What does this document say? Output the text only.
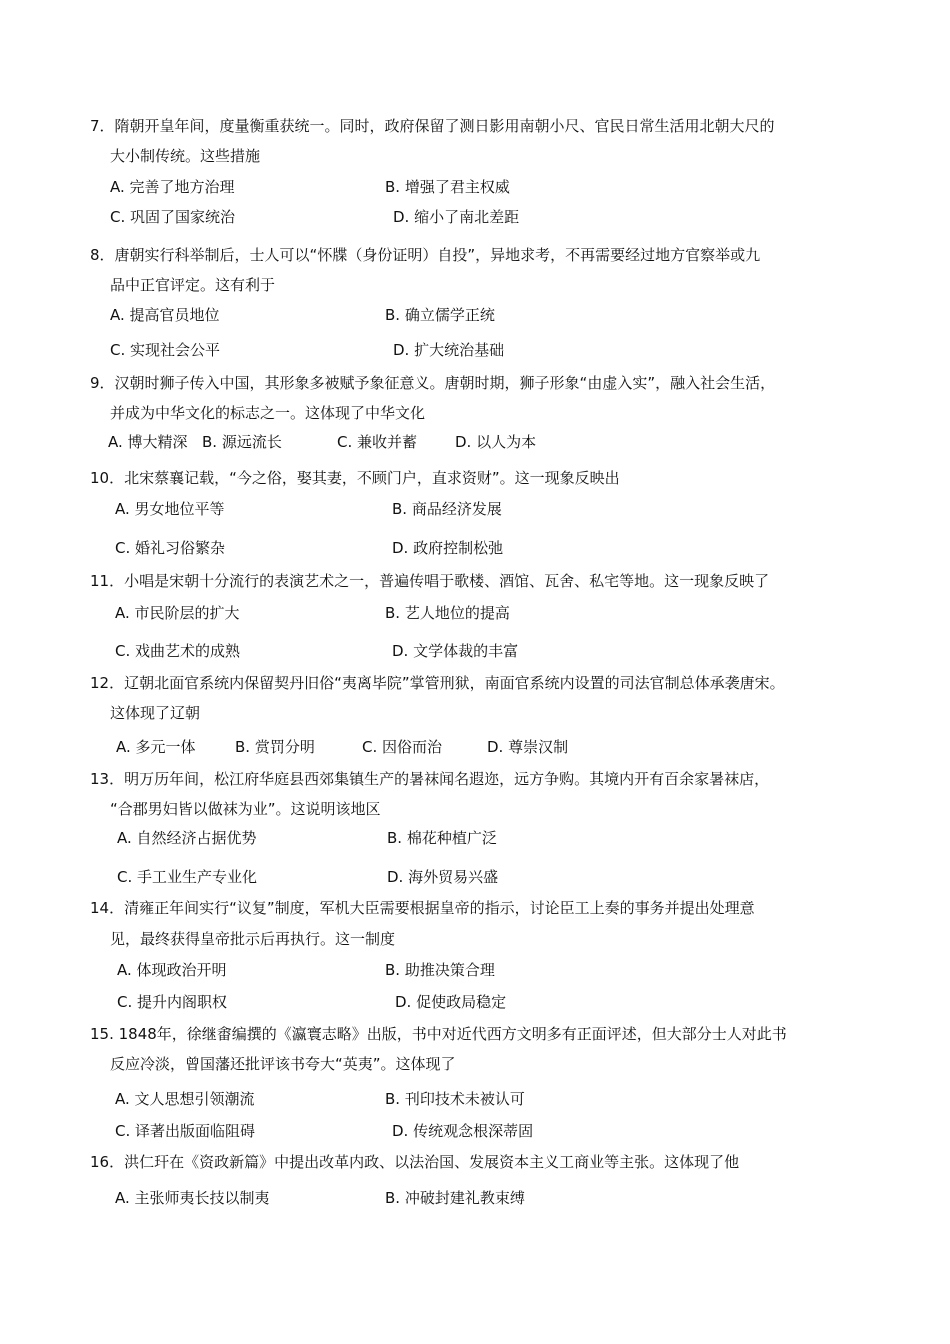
7．隋朝开皇年间，度量衡重获统一。同时，政府保留了测日影用南朝小尺、官民日常生活用北朝大尺的
大小制传统。这些措施
A. 完善了地方治理	B. 增强了君主权威
C. 巩固了国家统治	D. 缩小了南北差距
8．唐朝实行科举制后，士人可以“怀牒（身份证明）自投”，异地求考，不再需要经过地方官察举或九
品中正官评定。这有利于
A. 提高官员地位	B. 确立儒学正统
C. 实现社会公平	D. 扩大统治基础
9．汉朝时狮子传入中国，其形象多被赋予象征意义。唐朝时期，狮子形象“由虚入实”，融入社会生活，
并成为中华文化的标志之一。这体现了中华文化
A. 博大精深 B. 源远流长	C. 兼收并蓄	D. 以人为本
10．北宋蔡襄记载，“今之俗，娶其妻，不顾门户，直求资财”。这一现象反映出
A. 男女地位平等	B. 商品经济发展
C. 婚礼习俗繁杂	D. 政府控制松弛
11．小唱是宋朝十分流行的表演艺术之一，普遍传唱于歌楼、酒馆、瓦舍、私宅等地。这一现象反映了
A. 市民阶层的扩大	B. 艺人地位的提高
C. 戏曲艺术的成熟	D. 文学体裁的丰富
12．辽朝北面官系统内保留契丹旧俗“夷离毕院”掌管刑狱，南面官系统内设置的司法官制总体承袭唐宋。
这体现了辽朝
A. 多元一体	B. 赏罚分明	C. 因俗而治	D. 尊崇汉制
13．明万历年间，松江府华庭县西郊集镇生产的暑袜闻名遐迩，远方争购。其境内开有百余家暑袜店，
“合郡男妇皆以做袜为业”。这说明该地区
A. 自然经济占据优势	B. 棉花种植广泛
C. 手工业生产专业化	D. 海外贸易兴盛
14．清雍正年间实行“议复”制度，军机大臣需要根据皇帝的指示，讨论臣工上奏的事务并提出处理意
见，最终获得皇帝批示后再执行。这一制度
A. 体现政治开明	B. 助推决策合理
C. 提升内阁职权	D. 促使政局稳定
15. 1848年，徐继畬编撰的《瀛寰志略》出版，书中对近代西方文明多有正面评述，但大部分士人对此书
反应冷淡，曾国藩还批评该书夸大“英夷”。这体现了
A. 文人思想引领潮流	B. 刊印技术未被认可
C. 译著出版面临阻碍	D. 传统观念根深蒂固
16．洪仁玕在《资政新篇》中提出改革内政、以法治国、发展资本主义工商业等主张。这体现了他
A. 主张师夷长技以制夷	B. 冲破封建礼教束缚
